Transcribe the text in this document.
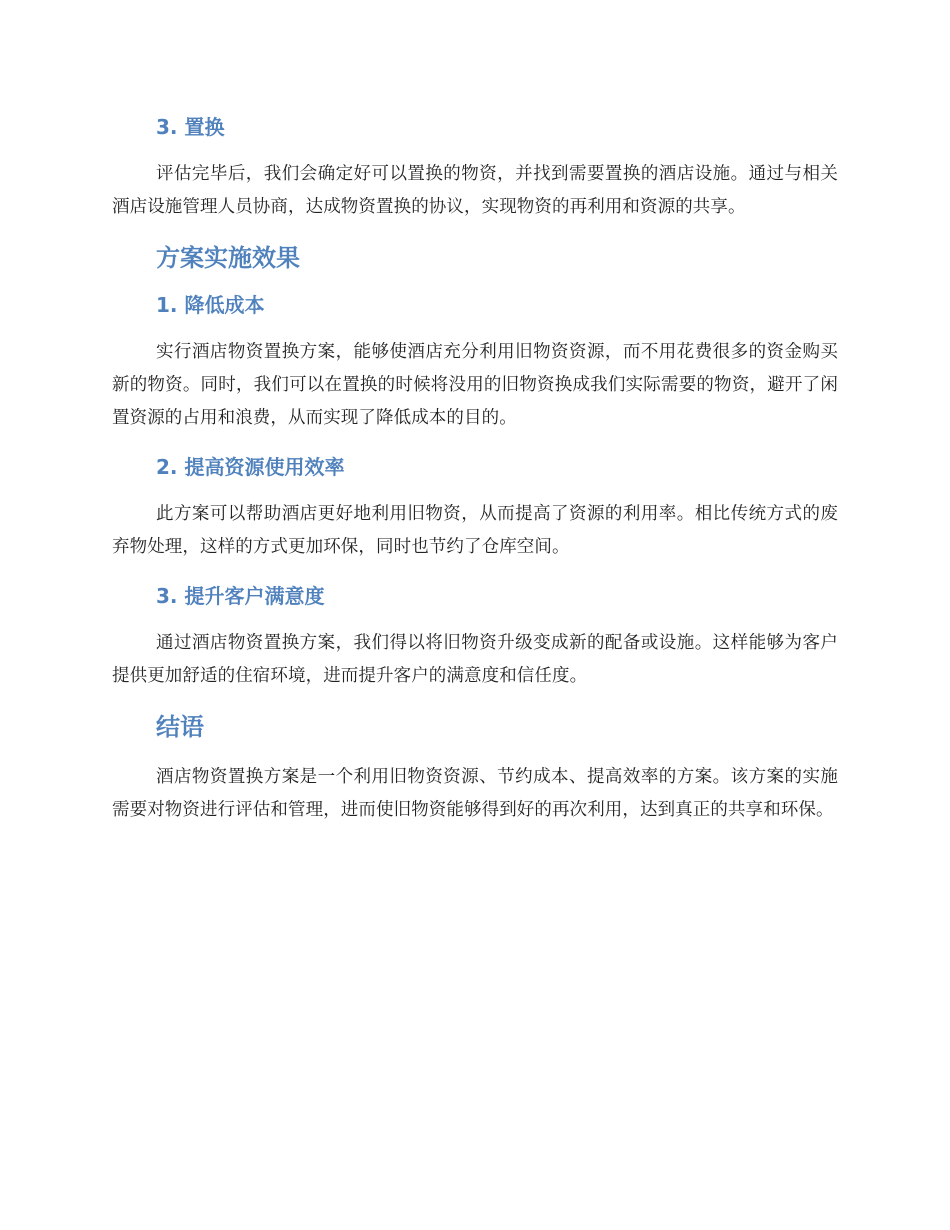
3. 置换

评估完毕后，我们会确定好可以置换的物资，并找到需要置换的酒店设施。通过与相关酒店设施管理人员协商，达成物资置换的协议，实现物资的再利用和资源的共享。

方案实施效果
1. 降低成本

实行酒店物资置换方案，能够使酒店充分利用旧物资资源，而不用花费很多的资金购买新的物资。同时，我们可以在置换的时候将没用的旧物资换成我们实际需要的物资，避开了闲置资源的占用和浪费，从而实现了降低成本的目的。

2. 提高资源使用效率

此方案可以帮助酒店更好地利用旧物资，从而提高了资源的利用率。相比传统方式的废弃物处理，这样的方式更加环保，同时也节约了仓库空间。

3. 提升客户满意度

通过酒店物资置换方案，我们得以将旧物资升级变成新的配备或设施。这样能够为客户提供更加舒适的住宿环境，进而提升客户的满意度和信任度。

结语

酒店物资置换方案是一个利用旧物资资源、节约成本、提高效率的方案。该方案的实施需要对物资进行评估和管理，进而使旧物资能够得到好的再次利用，达到真正的共享和环保。
